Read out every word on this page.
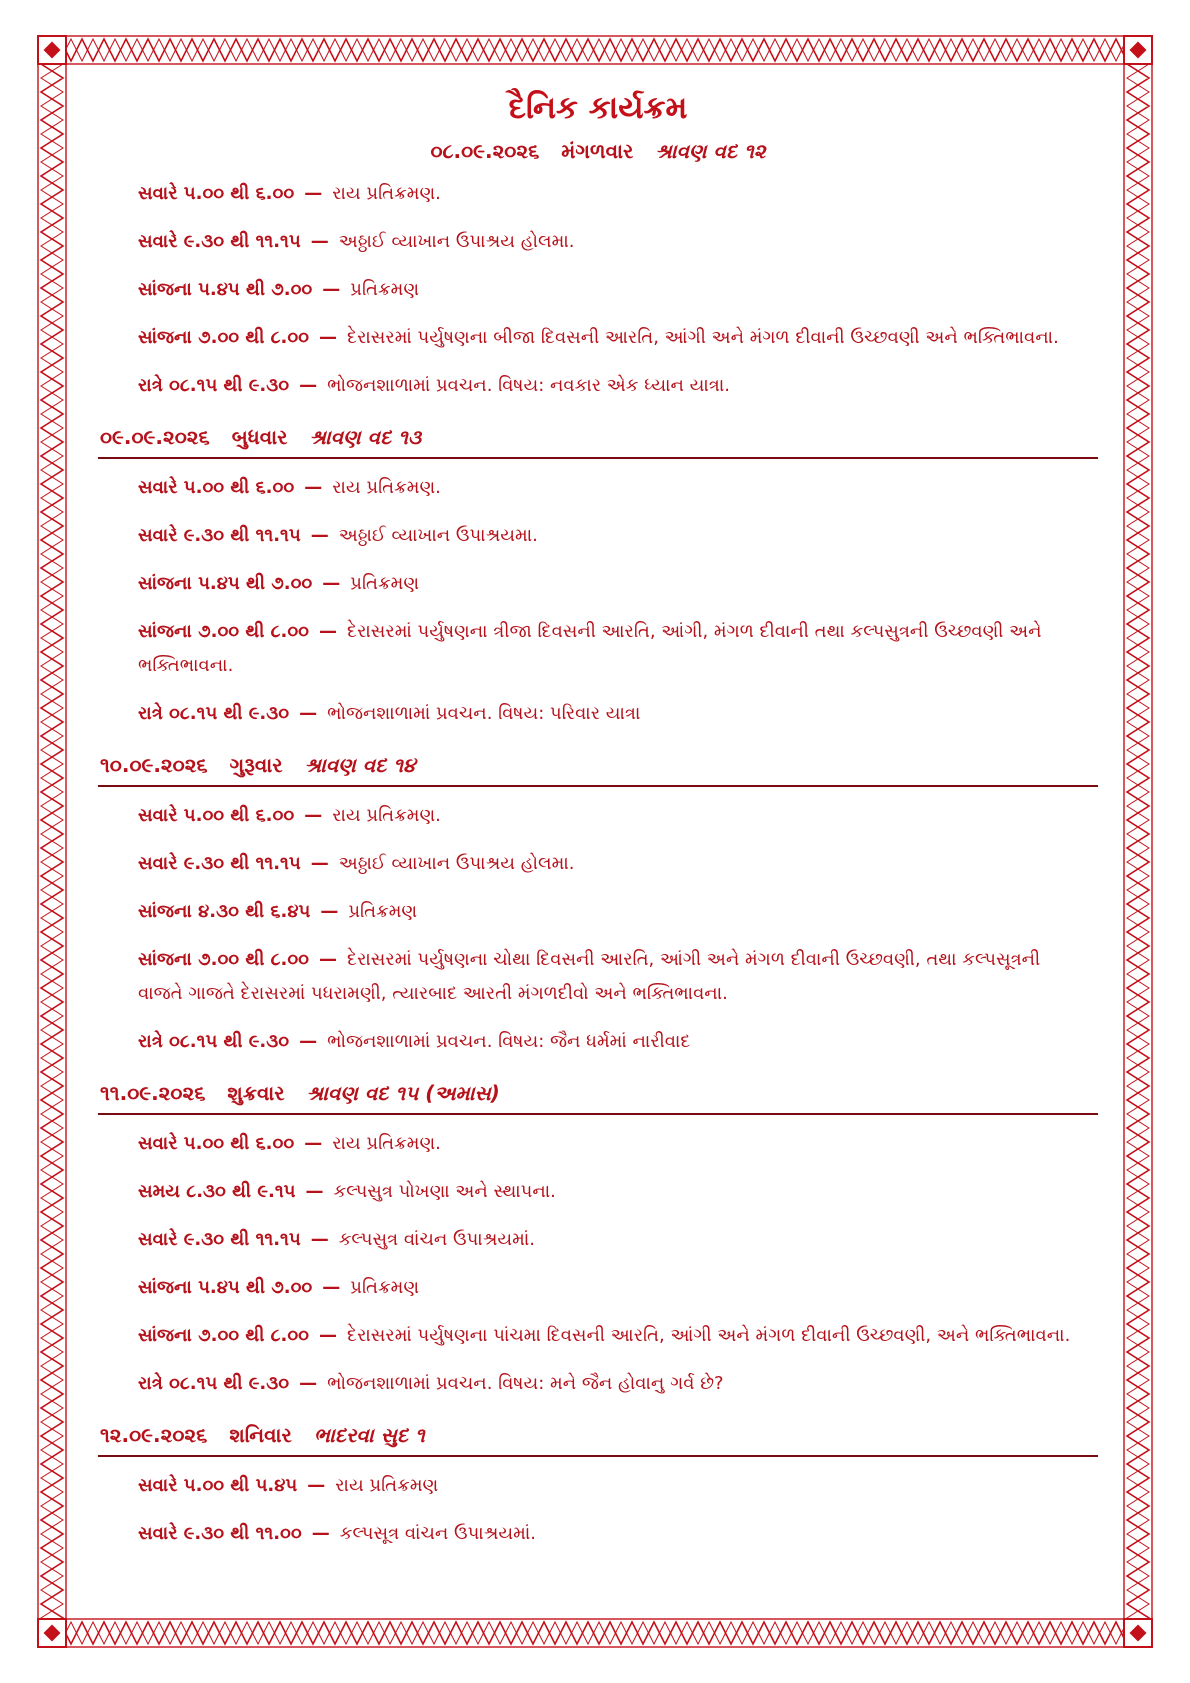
દૈનિક કાર્યક્રમ
૦૮.૦૯.૨૦૨૬ મંગળવાર શ્રાવણ વદ ૧૨
સવારે ૫.૦૦ થી ૬.૦૦ — રાય પ્રતિક્રમણ.
સવારે ૯.૩૦ થી ૧૧.૧૫ — અઠ્ઠાઈ વ્યાખાન ઉપાશ્રય હોલમા.
સાંજના ૫.૪૫ થી ૭.૦૦ — પ્રતિક્રમણ
સાંજના ૭.૦૦ થી ૮.૦૦ — દેરાસરમાં પર્યુષણના બીજા દિવસની આરતિ, આંગી અને મંગળ દીવાની ઉચ્છવણી અને ભક્તિભાવના.
રાત્રે ૦૮.૧૫ થી ૯.૩૦ — ભોજનશાળામાં પ્રવચન. વિષય: નવકાર એક ધ્યાન યાત્રા.
૦૯.૦૯.૨૦૨૬ બુધવાર શ્રાવણ વદ ૧૩
સવારે ૫.૦૦ થી ૬.૦૦ — રાય પ્રતિક્રમણ.
સવારે ૯.૩૦ થી ૧૧.૧૫ — અઠ્ઠાઈ વ્યાખાન ઉપાશ્રયમા.
સાંજના ૫.૪૫ થી ૭.૦૦ — પ્રતિક્રમણ
સાંજના ૭.૦૦ થી ૮.૦૦ — દેરાસરમાં પર્યુષણના ત્રીજા દિવસની આરતિ, આંગી, મંગળ દીવાની તથા કલ્પસુત્રની ઉચ્છવણી અને ભક્તિભાવના.
રાત્રે ૦૮.૧૫ થી ૯.૩૦ — ભોજનશાળામાં પ્રવચન. વિષય: પરિવાર યાત્રા
૧૦.૦૯.૨૦૨૬ ગુરૂવાર શ્રાવણ વદ ૧૪
સવારે ૫.૦૦ થી ૬.૦૦ — રાય પ્રતિક્રમણ.
સવારે ૯.૩૦ થી ૧૧.૧૫ — અઠ્ઠાઈ વ્યાખાન ઉપાશ્રય હોલમા.
સાંજના ૪.૩૦ થી ૬.૪૫ — પ્રતિક્રમણ
સાંજના ૭.૦૦ થી ૮.૦૦ — દેરાસરમાં પર્યુષણના ચોથા દિવસની આરતિ, આંગી અને મંગળ દીવાની ઉચ્છવણી, તથા કલ્પસૂત્રની વાજતે ગાજતે દેરાસરમાં પધરામણી, ત્યારબાદ આરતી મંગળદીવો અને ભક્તિભાવના.
રાત્રે ૦૮.૧૫ થી ૯.૩૦ — ભોજનશાળામાં પ્રવચન. વિષય: જૈન ધર્મમાં નારીવાદ
૧૧.૦૯.૨૦૨૬ શુક્રવાર શ્રાવણ વદ ૧૫ (અમાસ)
સવારે ૫.૦૦ થી ૬.૦૦ — રાય પ્રતિક્રમણ.
સમય ૮.૩૦ થી ૯.૧૫ — કલ્પસુત્ર પોખણા અને સ્થાપના.
સવારે ૯.૩૦ થી ૧૧.૧૫ — કલ્પસુત્ર વાંચન ઉપાશ્રયમાં.
સાંજના ૫.૪૫ થી ૭.૦૦ — પ્રતિક્રમણ
સાંજના ૭.૦૦ થી ૮.૦૦ — દેરાસરમાં પર્યુષણના પાંચમા દિવસની આરતિ, આંગી અને મંગળ દીવાની ઉચ્છવણી, અને ભક્તિભાવના.
રાત્રે ૦૮.૧૫ થી ૯.૩૦ — ભોજનશાળામાં પ્રવચન. વિષય: મને જૈન હોવાનુ ગર્વ છે?
૧૨.૦૯.૨૦૨૬ શનિવાર ભાદરવા સુદ ૧
સવારે ૫.૦૦ થી ૫.૪૫ — રાય પ્રતિક્રમણ
સવારે ૯.૩૦ થી ૧૧.૦૦ — કલ્પસૂત્ર વાંચન ઉપાશ્રયમાં.
